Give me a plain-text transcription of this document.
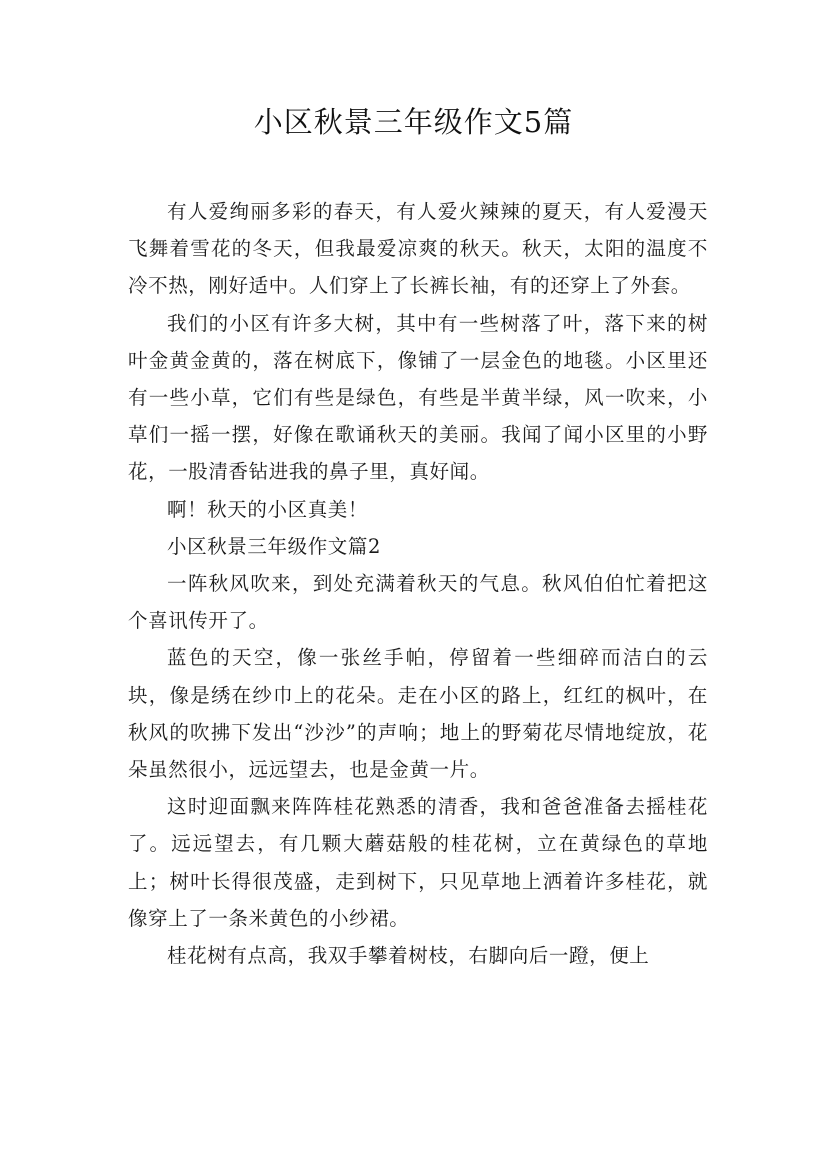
小区秋景三年级作文5篇

有人爱绚丽多彩的春天，有人爱火辣辣的夏天，有人爱漫天飞舞着雪花的冬天，但我最爱凉爽的秋天。秋天，太阳的温度不冷不热，刚好适中。人们穿上了长裤长袖，有的还穿上了外套。

我们的小区有许多大树，其中有一些树落了叶，落下来的树叶金黄金黄的，落在树底下，像铺了一层金色的地毯。小区里还有一些小草，它们有些是绿色，有些是半黄半绿，风一吹来，小草们一摇一摆，好像在歌诵秋天的美丽。我闻了闻小区里的小野花，一股清香钻进我的鼻子里，真好闻。

啊！秋天的小区真美！

小区秋景三年级作文篇2

一阵秋风吹来，到处充满着秋天的气息。秋风伯伯忙着把这个喜讯传开了。

蓝色的天空，像一张丝手帕，停留着一些细碎而洁白的云块，像是绣在纱巾上的花朵。走在小区的路上，红红的枫叶，在秋风的吹拂下发出“沙沙”的声响；地上的野菊花尽情地绽放，花朵虽然很小，远远望去，也是金黄一片。

这时迎面飘来阵阵桂花熟悉的清香，我和爸爸准备去摇桂花了。远远望去，有几颗大蘑菇般的桂花树，立在黄绿色的草地上；树叶长得很茂盛，走到树下，只见草地上洒着许多桂花，就像穿上了一条米黄色的小纱裙。

桂花树有点高，我双手攀着树枝，右脚向后一蹬，便上
